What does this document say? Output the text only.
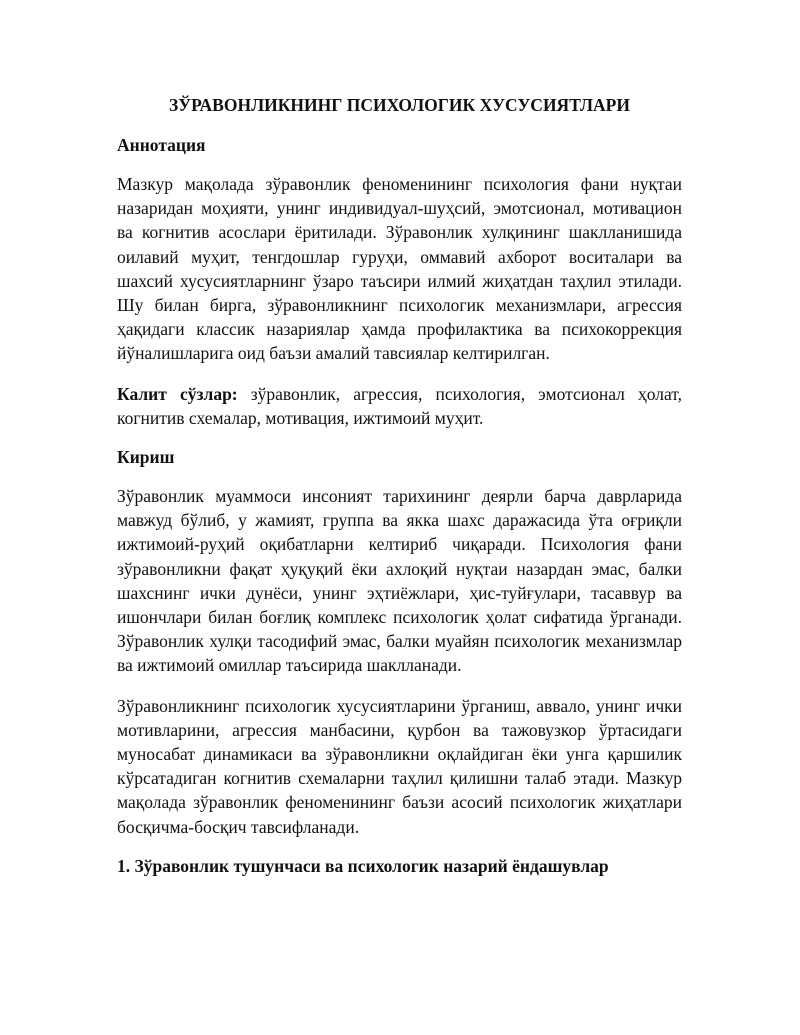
ЗЎРАВОНЛИКНИНГ ПСИХОЛОГИК ХУСУСИЯТЛАРИ
Аннотация

Мазкур мақолада зўравонлик феноменининг психология фани нуқтаи назаридан моҳияти, унинг индивидуал-шуҳсий, эмотсионал, мотивацион ва когнитив асослари ёритилади. Зўравонлик хулқининг шаклланишида оилавий муҳит, тенгдошлар гуруҳи, оммавий ахборот воситалари ва шахсий хусусиятларнинг ўзаро таъсири илмий жиҳатдан таҳлил этилади. Шу билан бирга, зўравонликнинг психологик механизмлари, агрессия ҳақидаги классик назариялар ҳамда профилактика ва психокоррекция йўналишларига оид баъзи амалий тавсиялар келтирилган.

Калит сўзлар: зўравонлик, агрессия, психология, эмотсионал ҳолат, когнитив схемалар, мотивация, ижтимоий муҳит.

Кириш

Зўравонлик муаммоси инсоният тарихининг деярли барча даврларида мавжуд бўлиб, у жамият, группа ва якка шахс даражасида ўта оғриқли ижтимоий-руҳий оқибатларни келтириб чиқаради. Психология фани зўравонликни фақат ҳуқуқий ёки ахлоқий нуқтаи назардан эмас, балки шахснинг ички дунёси, унинг эҳтиёжлари, ҳис-туйғулари, тасаввур ва ишончлари билан боғлиқ комплекс психологик ҳолат сифатида ўрганади. Зўравонлик хулқи тасодифий эмас, балки муайян психологик механизмлар ва ижтимоий омиллар таъсирида шаклланади.

Зўравонликнинг психологик хусусиятларини ўрганиш, аввало, унинг ички мотивларини, агрессия манбасини, қурбон ва тажовузкор ўртасидаги муносабат динамикаси ва зўравонликни оқлайдиган ёки унга қаршилик кўрсатадиган когнитив схемаларни таҳлил қилишни талаб этади. Мазкур мақолада зўравонлик феноменининг баъзи асосий психологик жиҳатлари босқичма-босқич тавсифланади.

1. Зўравонлик тушунчаси ва психологик назарий ёндашувлар
